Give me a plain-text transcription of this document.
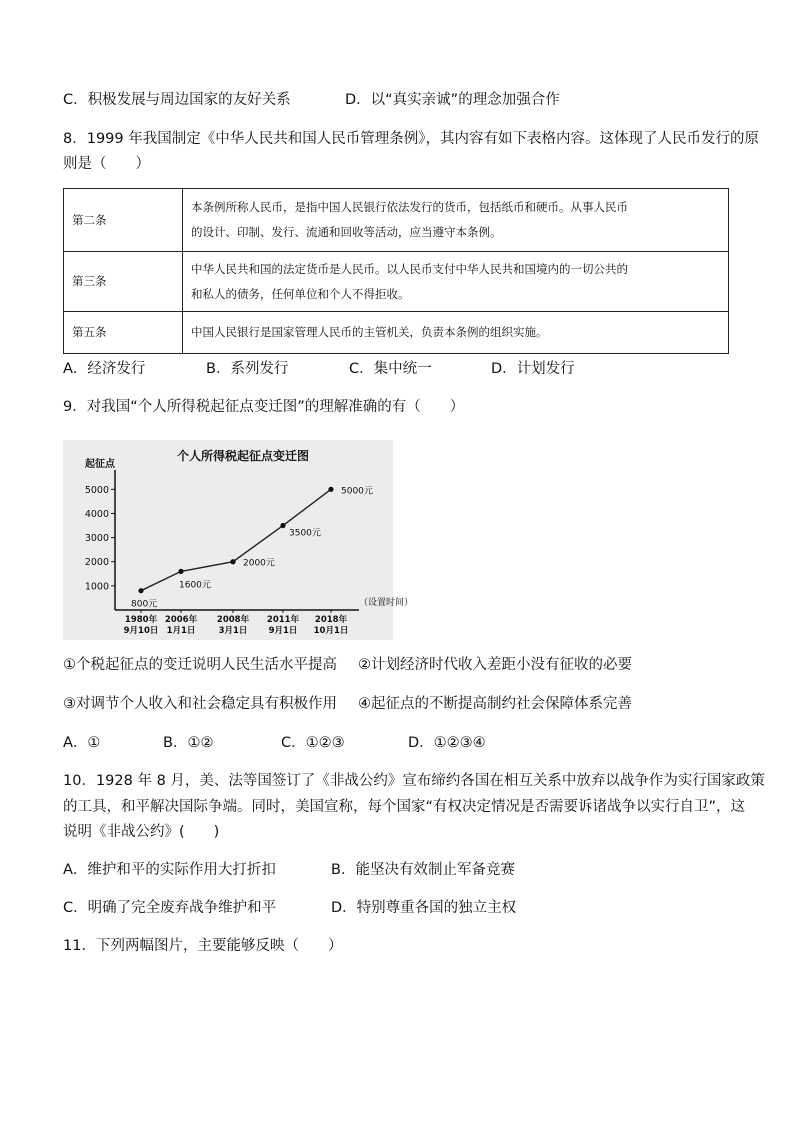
C．积极发展与周边国家的友好关系	D．以“真实亲诚”的理念加强合作
8．1999 年我国制定《中华人民共和国人民币管理条例》，其内容有如下表格内容。这体现了人民币发行的原
则是（　　）
第二条	本条例所称人民币，是指中国人民银行依法发行的货币，包括纸币和硬币。从事人民币
的设计、印制、发行、流通和回收等活动，应当遵守本条例。

第三条	中华人民共和国的法定货币是人民币。以人民币支付中华人民共和国境内的一切公共的
和私人的债务，任何单位和个人不得拒收。

第五条	中国人民银行是国家管理人民币的主管机关，负责本条例的组织实施。
A．经济发行	B．系列发行	C．集中统一	D．计划发行
9．对我国“个人所得税起征点变迁图”的理解准确的有（　　）
个人所得税起征点变迁图
起征点
（设置时间）
1000
2000
3000
4000
5000
1980年
9月10日
2006年
1月1日
2008年
3月1日
2011年
9月1日
2018年
10月1日
800元
1600元
2000元
3500元
5000元
①个税起征点的变迁说明人民生活水平提高 ②计划经济时代收入差距小没有征收的必要
③对调节个人收入和社会稳定具有积极作用 ④起征点的不断提高制约社会保障体系完善
A．①	B．①②	C．①②③	D．①②③④
10．1928 年 8 月，美、法等国签订了《非战公约》宣布缔约各国在相互关系中放弃以战争作为实行国家政策
的工具，和平解决国际争端。同时，美国宣称，每个国家“有权决定情况是否需要诉诸战争以实行自卫”，这
说明《非战公约》(　　)
A．维护和平的实际作用大打折扣	B．能坚决有效制止军备竞赛
C．明确了完全废弃战争维护和平	D．特别尊重各国的独立主权
11．下列两幅图片，主要能够反映（　　）
